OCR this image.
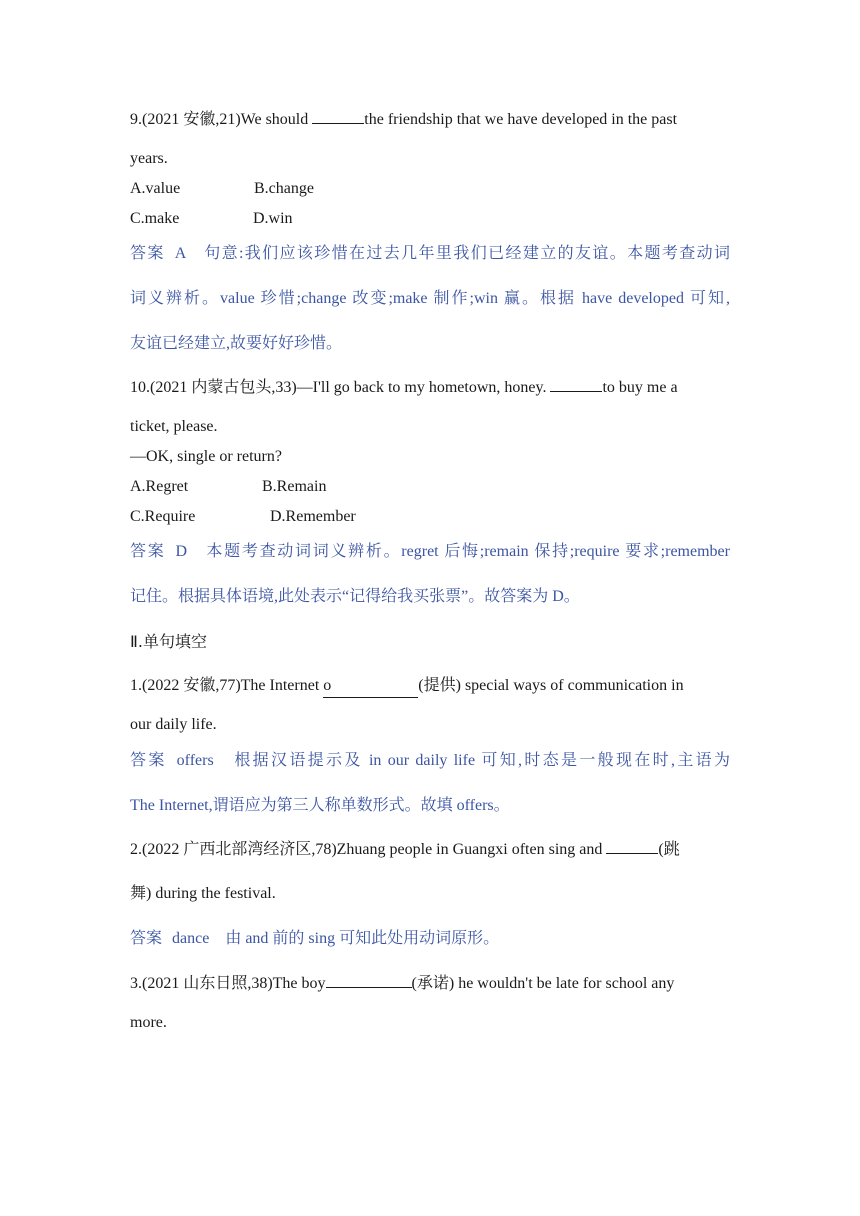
9.(2021 安徽,21)We should	the friendship that we have developed in the past
years.
A.value	B.change
C.make	D.win
答案 A　句意:我们应该珍惜在过去几年里我们已经建立的友谊。本题考查动词
词义辨析。value 珍惜;change 改变;make 制作;win 赢。根据 have developed 可知,
友谊已经建立,故要好好珍惜。
10.(2021 内蒙古包头,33)—I'll go back to my hometown, honey.	to buy me a
ticket, please.
—OK, single or return?
A.Regret	B.Remain
C.Require	D.Remember
答案 D　本题考查动词词义辨析。regret 后悔;remain 保持;require 要求;remember
记住。根据具体语境,此处表示“记得给我买张票”。故答案为 D。
Ⅱ.单句填空
1.(2022 安徽,77)The Internet o	(提供) special ways of communication in
our daily life.
答案 offers　根据汉语提示及 in our daily life 可知,时态是一般现在时,主语为
The Internet,谓语应为第三人称单数形式。故填 offers。
2.(2022 广西北部湾经济区,78)Zhuang people in Guangxi often sing and	(跳
舞) during the festival.
答案 dance　由 and 前的 sing 可知此处用动词原形。
3.(2021 山东日照,38)The boy	(承诺) he wouldn't be late for school any
more.
